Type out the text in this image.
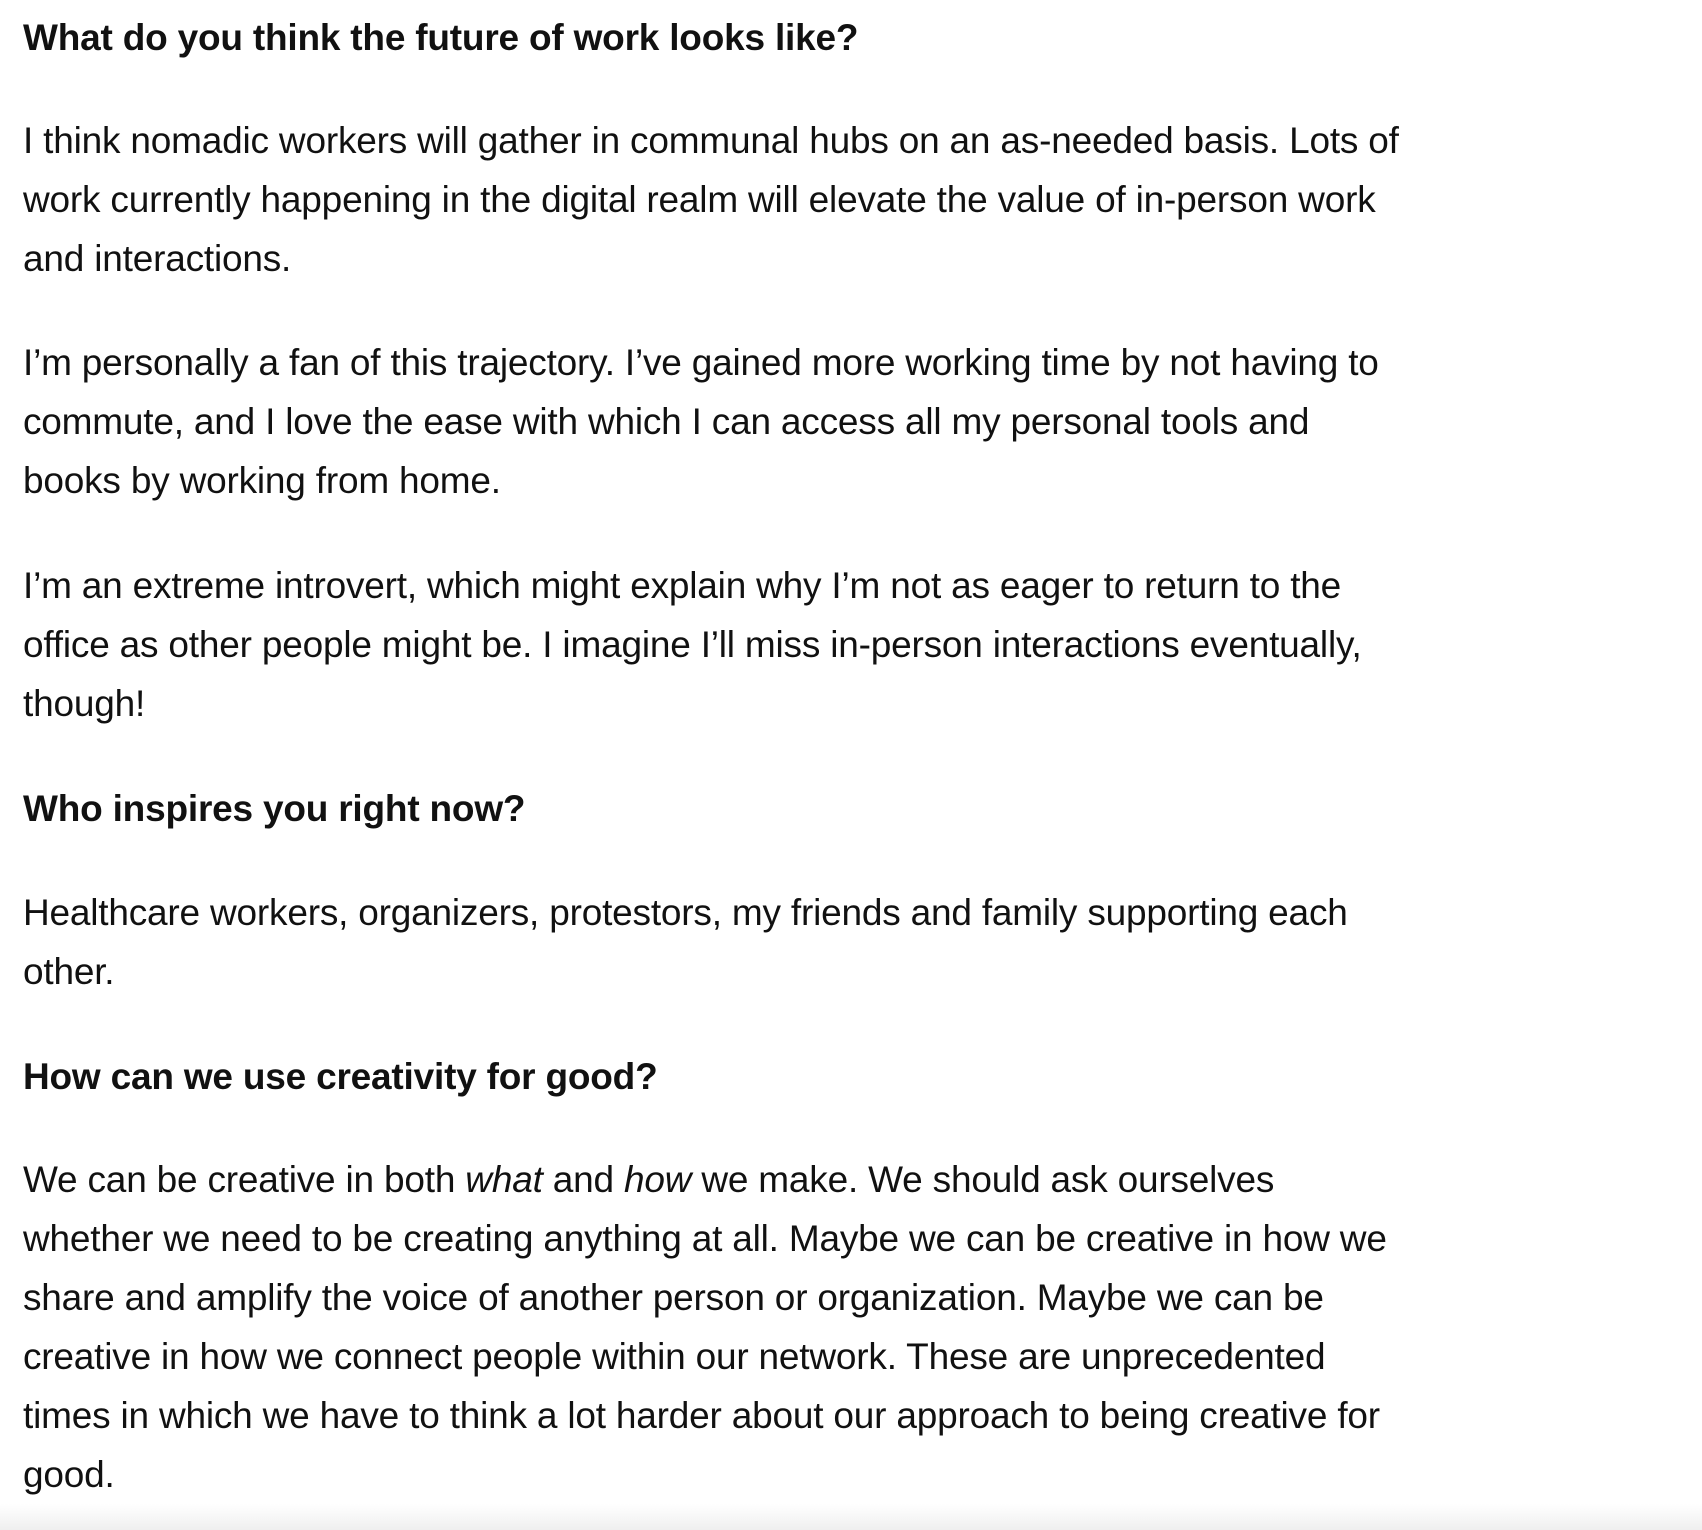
What do you think the future of work looks like?

I think nomadic workers will gather in communal hubs on an as-needed basis. Lots of
work currently happening in the digital realm will elevate the value of in-person work
and interactions.

I’m personally a fan of this trajectory. I’ve gained more working time by not having to
commute, and I love the ease with which I can access all my personal tools and
books by working from home.

I’m an extreme introvert, which might explain why I’m not as eager to return to the
office as other people might be. I imagine I’ll miss in-person interactions eventually,
though!

Who inspires you right now?

Healthcare workers, organizers, protestors, my friends and family supporting each
other.

How can we use creativity for good?

We can be creative in both what and how we make. We should ask ourselves
whether we need to be creating anything at all. Maybe we can be creative in how we
share and amplify the voice of another person or organization. Maybe we can be
creative in how we connect people within our network. These are unprecedented
times in which we have to think a lot harder about our approach to being creative for
good.
